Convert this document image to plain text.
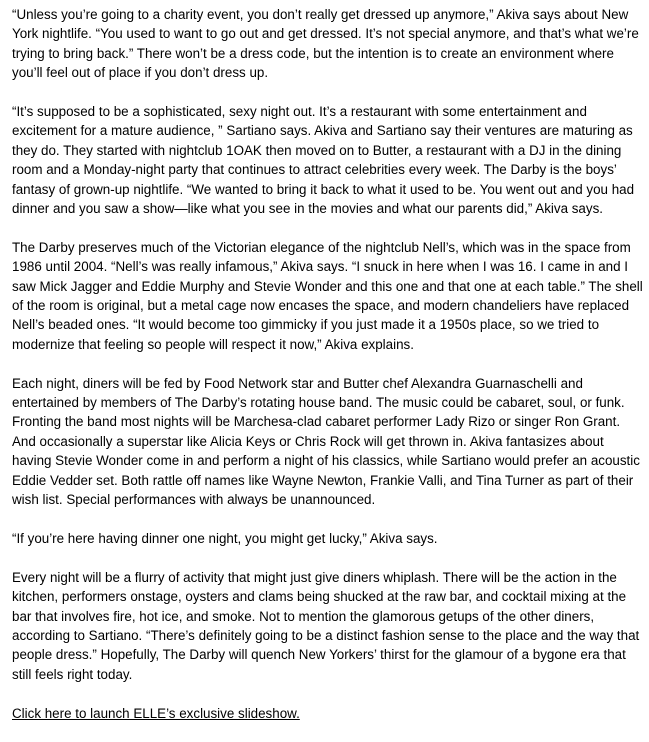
“Unless you’re going to a charity event, you don’t really get dressed up anymore,” Akiva says about New York nightlife. “You used to want to go out and get dressed. It’s not special anymore, and that’s what we’re trying to bring back.” There won’t be a dress code, but the intention is to create an environment where you’ll feel out of place if you don’t dress up.

“It’s supposed to be a sophisticated, sexy night out. It’s a restaurant with some entertainment and excitement for a mature audience, ” Sartiano says. Akiva and Sartiano say their ventures are maturing as they do. They started with nightclub 1OAK then moved on to Butter, a restaurant with a DJ in the dining room and a Monday-night party that continues to attract celebrities every week. The Darby is the boys’ fantasy of grown-up nightlife. “We wanted to bring it back to what it used to be. You went out and you had dinner and you saw a show—like what you see in the movies and what our parents did,” Akiva says.

The Darby preserves much of the Victorian elegance of the nightclub Nell’s, which was in the space from 1986 until 2004. “Nell’s was really infamous,” Akiva says. “I snuck in here when I was 16. I came in and I saw Mick Jagger and Eddie Murphy and Stevie Wonder and this one and that one at each table.” The shell of the room is original, but a metal cage now encases the space, and modern chandeliers have replaced Nell’s beaded ones. “It would become too gimmicky if you just made it a 1950s place, so we tried to modernize that feeling so people will respect it now,” Akiva explains.

Each night, diners will be fed by Food Network star and Butter chef Alexandra Guarnaschelli and entertained by members of The Darby’s rotating house band. The music could be cabaret, soul, or funk. Fronting the band most nights will be Marchesa-clad cabaret performer Lady Rizo or singer Ron Grant. And occasionally a superstar like Alicia Keys or Chris Rock will get thrown in. Akiva fantasizes about having Stevie Wonder come in and perform a night of his classics, while Sartiano would prefer an acoustic Eddie Vedder set. Both rattle off names like Wayne Newton, Frankie Valli, and Tina Turner as part of their wish list. Special performances with always be unannounced.

“If you’re here having dinner one night, you might get lucky,” Akiva says.

Every night will be a flurry of activity that might just give diners whiplash. There will be the action in the kitchen, performers onstage, oysters and clams being shucked at the raw bar, and cocktail mixing at the bar that involves fire, hot ice, and smoke. Not to mention the glamorous getups of the other diners, according to Sartiano. “There’s definitely going to be a distinct fashion sense to the place and the way that people dress.” Hopefully, The Darby will quench New Yorkers’ thirst for the glamour of a bygone era that still feels right today.

Click here to launch ELLE’s exclusive slideshow.
